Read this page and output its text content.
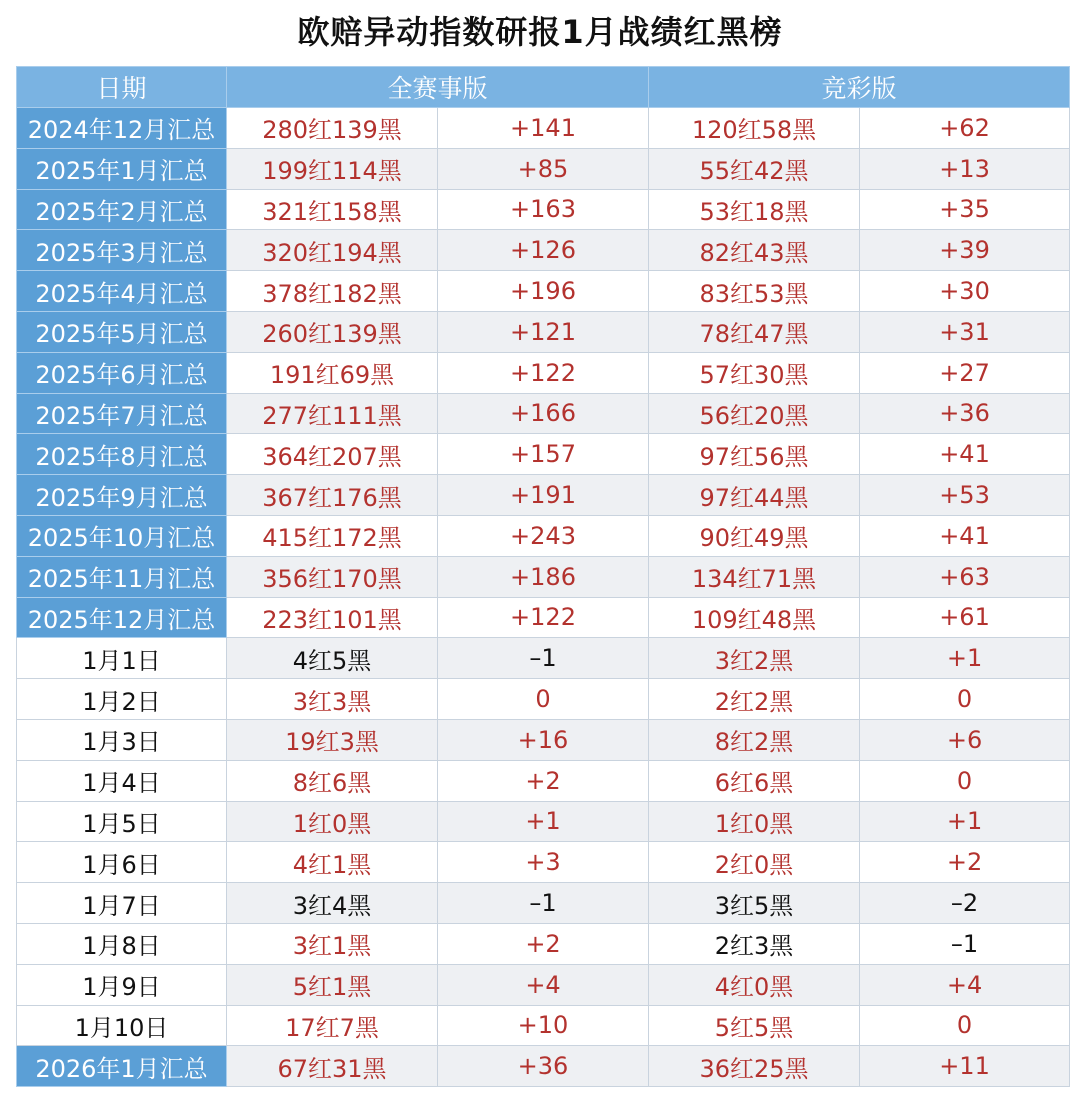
欧赔异动指数研报1月战绩红黑榜
日期	全赛事版		竞彩版	
2024年12月汇总	280红139黑	+141	120红58黑	+62
2025年1月汇总	199红114黑	+85	55红42黑	+13
2025年2月汇总	321红158黑	+163	53红18黑	+35
2025年3月汇总	320红194黑	+126	82红43黑	+39
2025年4月汇总	378红182黑	+196	83红53黑	+30
2025年5月汇总	260红139黑	+121	78红47黑	+31
2025年6月汇总	191红69黑	+122	57红30黑	+27
2025年7月汇总	277红111黑	+166	56红20黑	+36
2025年8月汇总	364红207黑	+157	97红56黑	+41
2025年9月汇总	367红176黑	+191	97红44黑	+53
2025年10月汇总	415红172黑	+243	90红49黑	+41
2025年11月汇总	356红170黑	+186	134红71黑	+63
2025年12月汇总	223红101黑	+122	109红48黑	+61
1月1日	4红5黑	–1	3红2黑	+1
1月2日	3红3黑	0	2红2黑	0
1月3日	19红3黑	+16	8红2黑	+6
1月4日	8红6黑	+2	6红6黑	0
1月5日	1红0黑	+1	1红0黑	+1
1月6日	4红1黑	+3	2红0黑	+2
1月7日	3红4黑	–1	3红5黑	–2
1月8日	3红1黑	+2	2红3黑	–1
1月9日	5红1黑	+4	4红0黑	+4
1月10日	17红7黑	+10	5红5黑	0
2026年1月汇总	67红31黑	+36	36红25黑	+11
